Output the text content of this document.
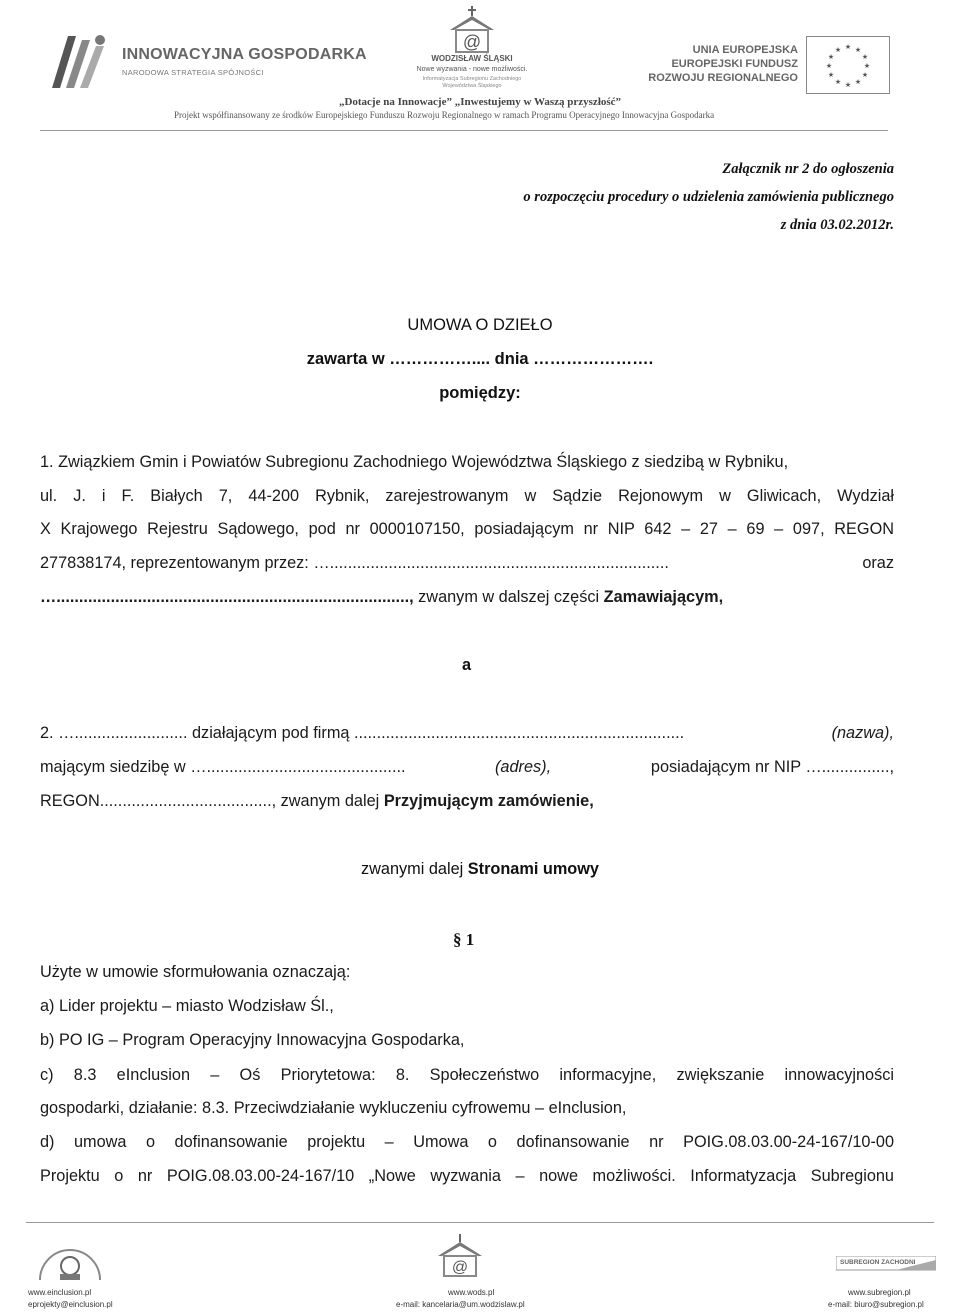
INNOWACYJNA GOSPODARKA
NARODOWA STRATEGIA SPÓJNOŚCI
@
WODZISŁAW ŚLĄSKI
Nowe wyzwania - nowe możliwości.
Informatyzacja Subregionu Zachodniego
Województwa Śląskiego
UNIA EUROPEJSKA
EUROPEJSKI FUNDUSZ
ROZWOJU REGIONALNEGO
★ ★
★
★
★
★
★
★
★
★
★
★
„Dotacje na Innowacje” „Inwestujemy w Waszą przyszłość”
Projekt współfinansowany ze środków Europejskiego Funduszu Rozwoju Regionalnego w ramach Programu Operacyjnego Innowacyjna Gospodarka
Załącznik nr 2 do ogłoszenia
o rozpoczęciu procedury o udzielenia zamówienia publicznego
z dnia 03.02.2012r.
UMOWA O DZIEŁO
zawarta w …………….... dnia ………………….
pomiędzy:
1. Związkiem Gmin i Powiatów Subregionu Zachodniego Województwa Śląskiego z siedzibą w Rybniku,
ul. J. i F. Białych 7, 44-200 Rybnik, zarejestrowanym w Sądzie Rejonowym w Gliwicach, Wydział
X Krajowego Rejestru Sądowego, pod nr 0000107150, posiadającym nr NIP 642 – 27 – 69 – 097, REGON
277838174, reprezentowanym przez: …...........................................................................	oraz
….............................................................................., zwanym w dalszej części Zamawiającym,
a
2. …......................... działającym pod firmą .........................................................................	(nazwa),
mającym siedzibę w …............................................	(adres),	posiadającym nr NIP …...............,
REGON......................................, zwanym dalej Przyjmującym zamówienie,
zwanymi dalej Stronami umowy
§ 1
Użyte w umowie sformułowania oznaczają:
a) Lider projektu – miasto Wodzisław Śl.,
b) PO IG – Program Operacyjny Innowacyjna Gospodarka,
c) 8.3 eInclusion – Oś Priorytetowa: 8. Społeczeństwo informacyjne, zwiększanie innowacyjności
gospodarki, działanie: 8.3. Przeciwdziałanie wykluczeniu cyfrowemu – eInclusion,
d) umowa o dofinansowanie projektu – Umowa o dofinansowanie nr POIG.08.03.00-24-167/10-00
Projektu o nr POIG.08.03.00-24-167/10 „Nowe wyzwania – nowe możliwości. Informatyzacja Subregionu
www.einclusion.pl
eprojekty@einclusion.pl
@
www.wods.pl
e-mail: kancelaria@um.wodzislaw.pl
SUBREGION ZACHODNI
www.subregion.pl
e-mail: biuro@subregion.pl
